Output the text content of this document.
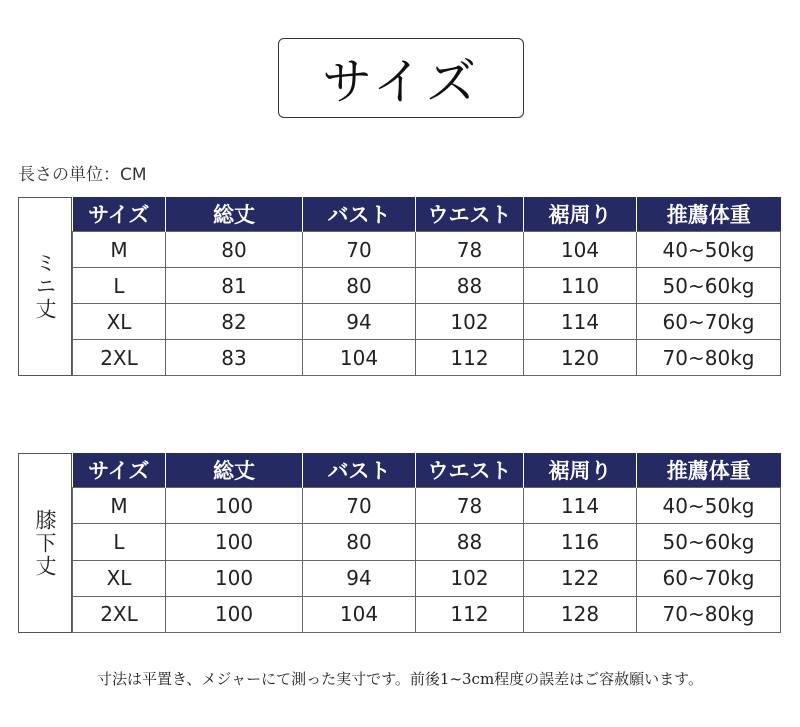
サイズ
長さの単位：CM
ミニ丈
サイズ	総丈	バスト	ウエスト	裾周り	推薦体重
M	80	70	78	104	40~50kg
L	81	80	88	110	50~60kg
XL	82	94	102	114	60~70kg
2XL	83	104	112	120	70~80kg
膝下丈
サイズ	総丈	バスト	ウエスト	裾周り	推薦体重
M	100	70	78	114	40~50kg
L	100	80	88	116	50~60kg
XL	100	94	102	122	60~70kg
2XL	100	104	112	128	70~80kg
寸法は平置き、メジャーにて測った実寸です。前後1~3cm程度の誤差はご容赦願います。
